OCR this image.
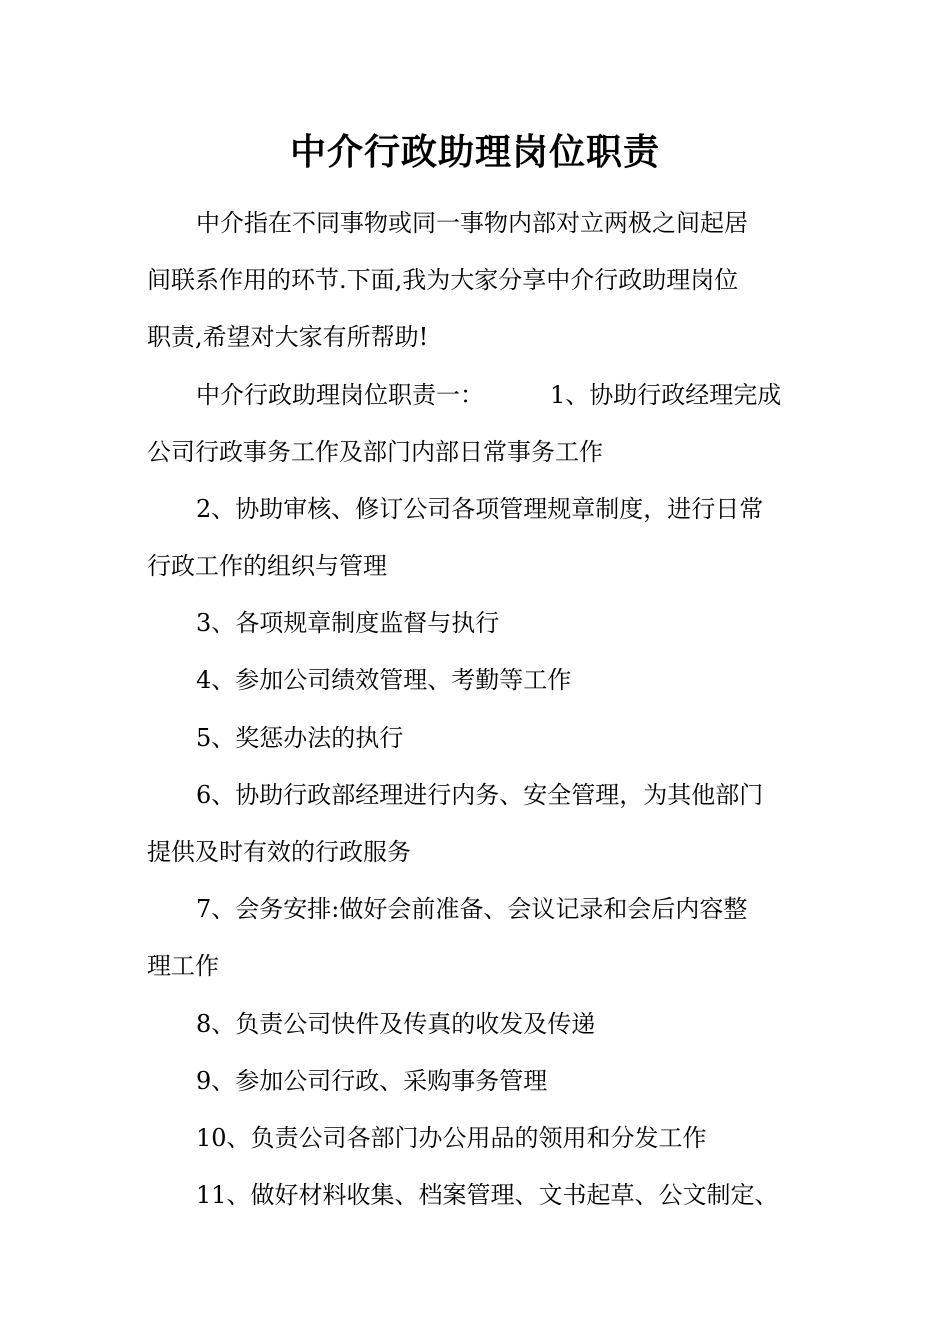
中介行政助理岗位职责
中介指在不同事物或同一事物内部对立两极之间起居
间联系作用的环节.下面,我为大家分享中介行政助理岗位
职责,希望对大家有所帮助!
中介行政助理岗位职责一：	1、协助行政经理完成
公司行政事务工作及部门内部日常事务工作
2、协助审核、修订公司各项管理规章制度，进行日常
行政工作的组织与管理
3、各项规章制度监督与执行
4、参加公司绩效管理、考勤等工作
5、奖惩办法的执行
6、协助行政部经理进行内务、安全管理，为其他部门
提供及时有效的行政服务
7、会务安排:做好会前准备、会议记录和会后内容整
理工作
8、负责公司快件及传真的收发及传递
9、参加公司行政、采购事务管理
10、负责公司各部门办公用品的领用和分发工作
11、做好材料收集、档案管理、文书起草、公文制定、
